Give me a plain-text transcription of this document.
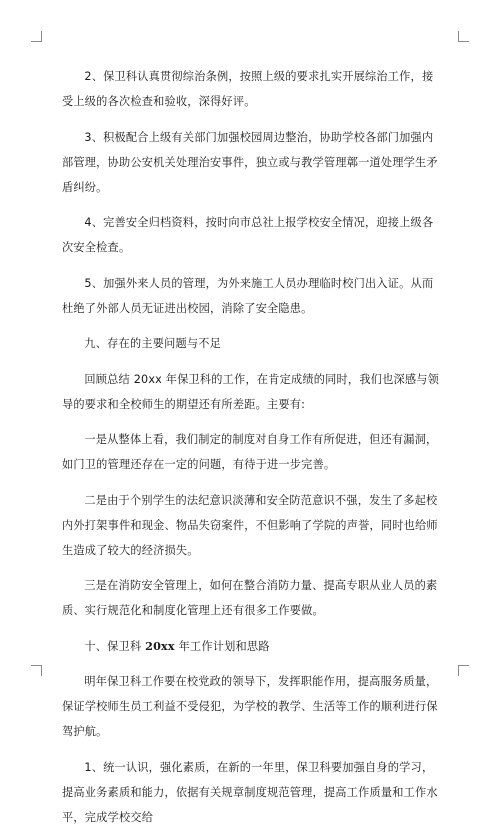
2、保卫科认真贯彻综治条例，按照上级的要求扎实开展综治工作，接受上级的各次检查和验收，深得好评。

3、积极配合上级有关部门加强校园周边整治，协助学校各部门加强内部管理，协助公安机关处理治安事件，独立或与教学管理鄣一道处理学生矛盾纠纷。

4、完善安全归档资料，按时向市总社上报学校安全情况，迎接上级各次安全检查。

5、加强外来人员的管理，为外来施工人员办理临时校门出入证。从而杜绝了外部人员无证进出校园，消除了安全隐患。

九、存在的主要问题与不足

回顾总结 20xx 年保卫科的工作，在肯定成绩的同时，我们也深感与领导的要求和全校师生的期望还有所差距。主要有:

一是从整体上看，我们制定的制度对自身工作有所促进，但还有漏洞，如门卫的管理还存在一定的问题，有待于进一步完善。

二是由于个别学生的法纪意识淡薄和安全防范意识不强，发生了多起校内外打架事件和现金、物品失窃案件，不但影响了学院的声誉，同时也给师生造成了较大的经济损失。

三是在消防安全管理上，如何在整合消防力量、提高专职从业人员的素质、实行规范化和制度化管理上还有很多工作要做。

十、保卫科 20xx 年工作计划和思路

明年保卫科工作要在校党政的领导下，发挥职能作用，提高服务质量，保证学校师生员工利益不受侵犯，为学校的教学、生活等工作的顺利进行保驾护航。

1、统一认识，强化素质，在新的一年里，保卫科要加强自身的学习，提高业务素质和能力，依据有关规章制度规范管理，提高工作质量和工作水平，完成学校交给
